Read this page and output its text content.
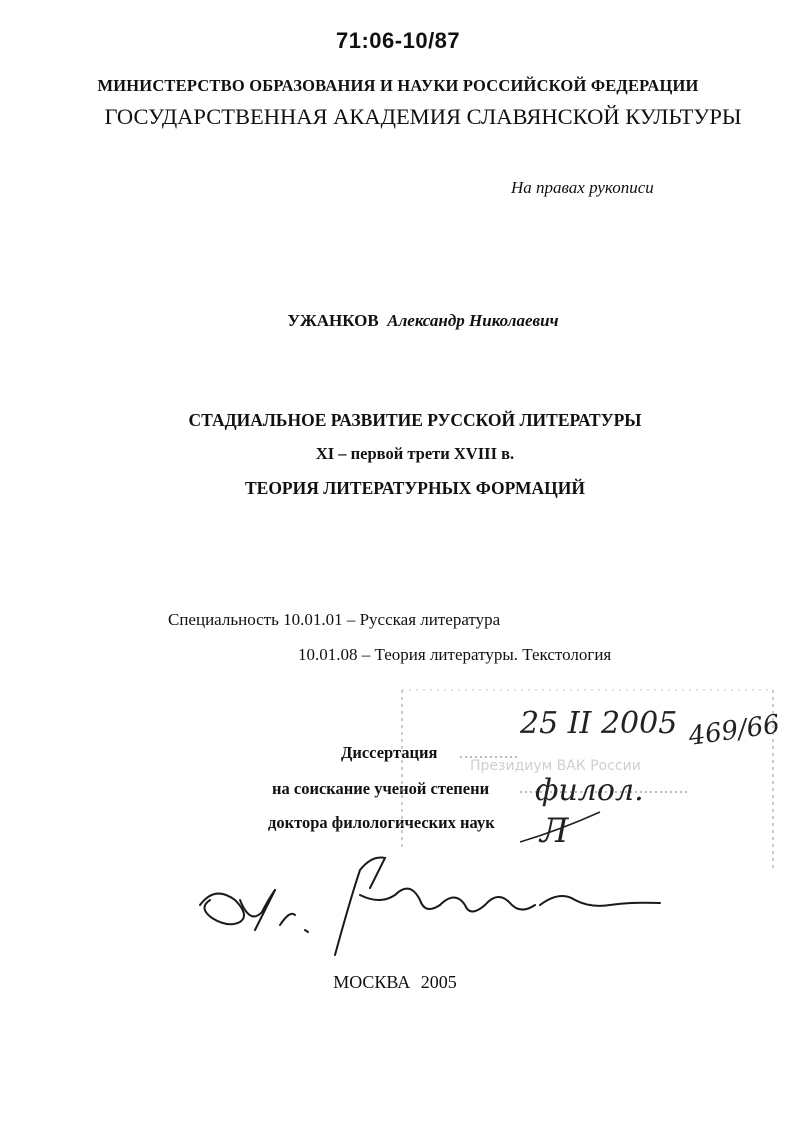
71:06-10/87
МИНИСТЕРСТВО ОБРАЗОВАНИЯ И НАУКИ РОССИЙСКОЙ ФЕДЕРАЦИИ
ГОСУДАРСТВЕННАЯ АКАДЕМИЯ СЛАВЯНСКОЙ КУЛЬТУРЫ
На правах рукописи
УЖАНКОВ Александр Николаевич
СТАДИАЛЬНОЕ РАЗВИТИЕ РУССКОЙ ЛИТЕРАТУРЫ
XI – первой трети XVIII в.
ТЕОРИЯ ЛИТЕРАТУРНЫХ ФОРМАЦИЙ
Специальность 10.01.01 – Русская литература
10.01.08 – Теория литературы. Текстология
Диссертация
на соискание ученой степени
доктора филологических наук
МОСКВА 2005
Президиум ВАК России
25 II 2005 469/66
филол.
Л
